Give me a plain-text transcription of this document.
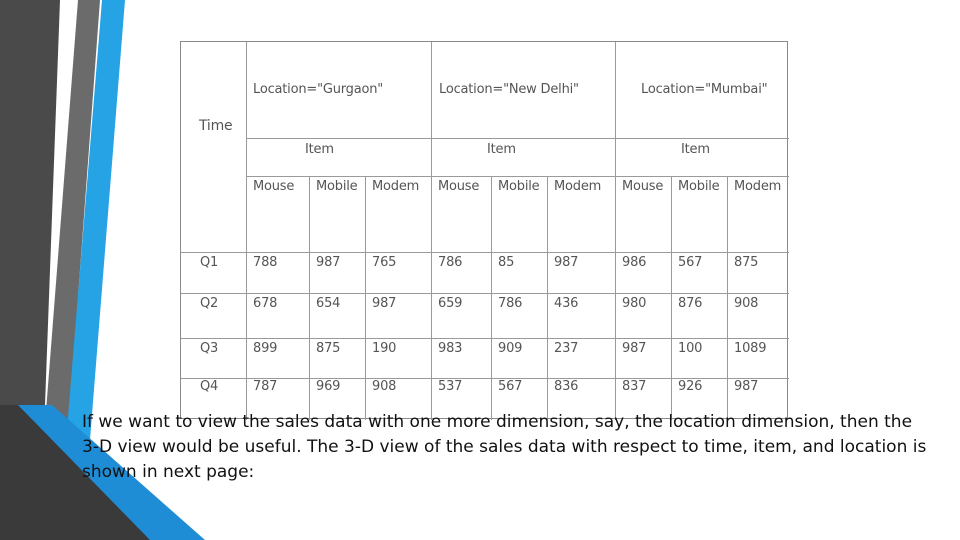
Time
Location="Gurgaon"	Location="New Delhi"	Location="Mumbai"
Item	Item	Item
Mouse Mobile Modem Mouse Mobile Modem Mouse Mobile Modem
Q1	788	987 765	786	85	987	986 567 875
Q2	678	654 987	659	786 436	980 876 908
Q3	899	875 190	983	909 237	987 100 1089
Q4	787	969 908	537	567 836	837 926 987
If we want to view the sales data with one more dimension, say, the location dimension, then the 3-D view would be useful. The 3-D view of the sales data with respect to time, item, and location is shown in next page:
